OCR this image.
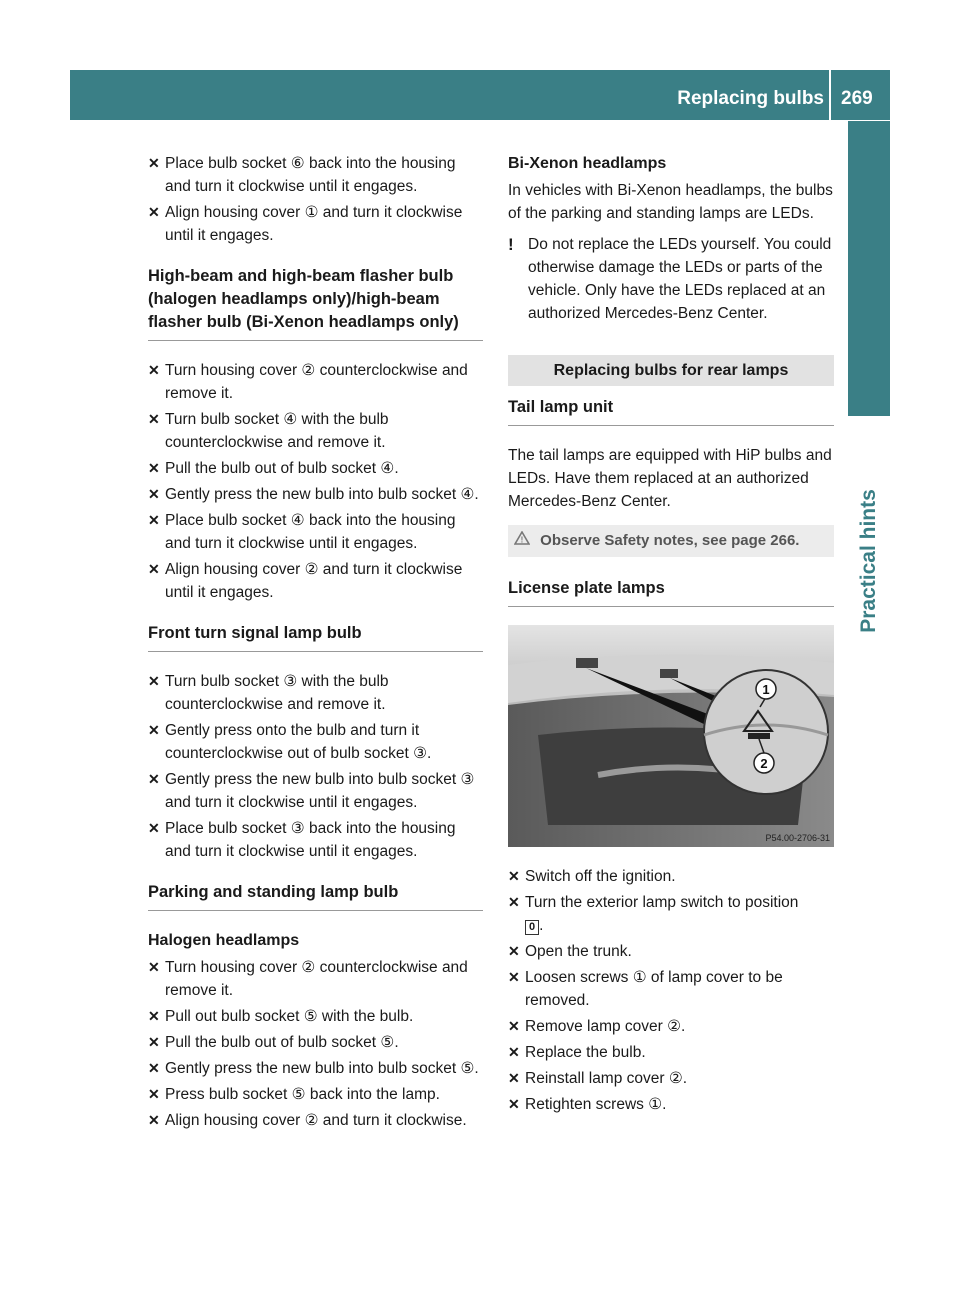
Replacing bulbs 269
Practical hints
✕ Place bulb socket ⑥ back into the housing and turn it clockwise until it engages.
✕ Align housing cover ① and turn it clockwise until it engages.
High-beam and high-beam flasher bulb (halogen headlamps only)/high-beam flasher bulb (Bi-Xenon headlamps only)
✕ Turn housing cover ② counterclockwise and remove it.
✕ Turn bulb socket ④ with the bulb counterclockwise and remove it.
✕ Pull the bulb out of bulb socket ④.
✕ Gently press the new bulb into bulb socket ④.
✕ Place bulb socket ④ back into the housing and turn it clockwise until it engages.
✕ Align housing cover ② and turn it clockwise until it engages.
Front turn signal lamp bulb
✕ Turn bulb socket ③ with the bulb counterclockwise and remove it.
✕ Gently press onto the bulb and turn it counterclockwise out of bulb socket ③.
✕ Gently press the new bulb into bulb socket ③ and turn it clockwise until it engages.
✕ Place bulb socket ③ back into the housing and turn it clockwise until it engages.
Parking and standing lamp bulb
Halogen headlamps
✕ Turn housing cover ② counterclockwise and remove it.
✕ Pull out bulb socket ⑤ with the bulb.
✕ Pull the bulb out of bulb socket ⑤.
✕ Gently press the new bulb into bulb socket ⑤.
✕ Press bulb socket ⑤ back into the lamp.
✕ Align housing cover ② and turn it clockwise.
Bi-Xenon headlamps

In vehicles with Bi-Xenon headlamps, the bulbs of the parking and standing lamps are LEDs.

! Do not replace the LEDs yourself. You could otherwise damage the LEDs or parts of the vehicle. Only have the LEDs replaced at an authorized Mercedes-Benz Center.
Replacing bulbs for rear lamps
Tail lamp unit

The tail lamps are equipped with HiP bulbs and LEDs. Have them replaced at an authorized Mercedes-Benz Center.

! Observe Safety notes, see page 266.
License plate lamps
1
2
P54.00-2706-31
✕ Switch off the ignition.
✕ Turn the exterior lamp switch to position
0 .
✕ Open the trunk.
✕ Loosen screws ① of lamp cover to be removed.
✕ Remove lamp cover ②.
✕ Replace the bulb.
✕ Reinstall lamp cover ②.
✕ Retighten screws ①.
